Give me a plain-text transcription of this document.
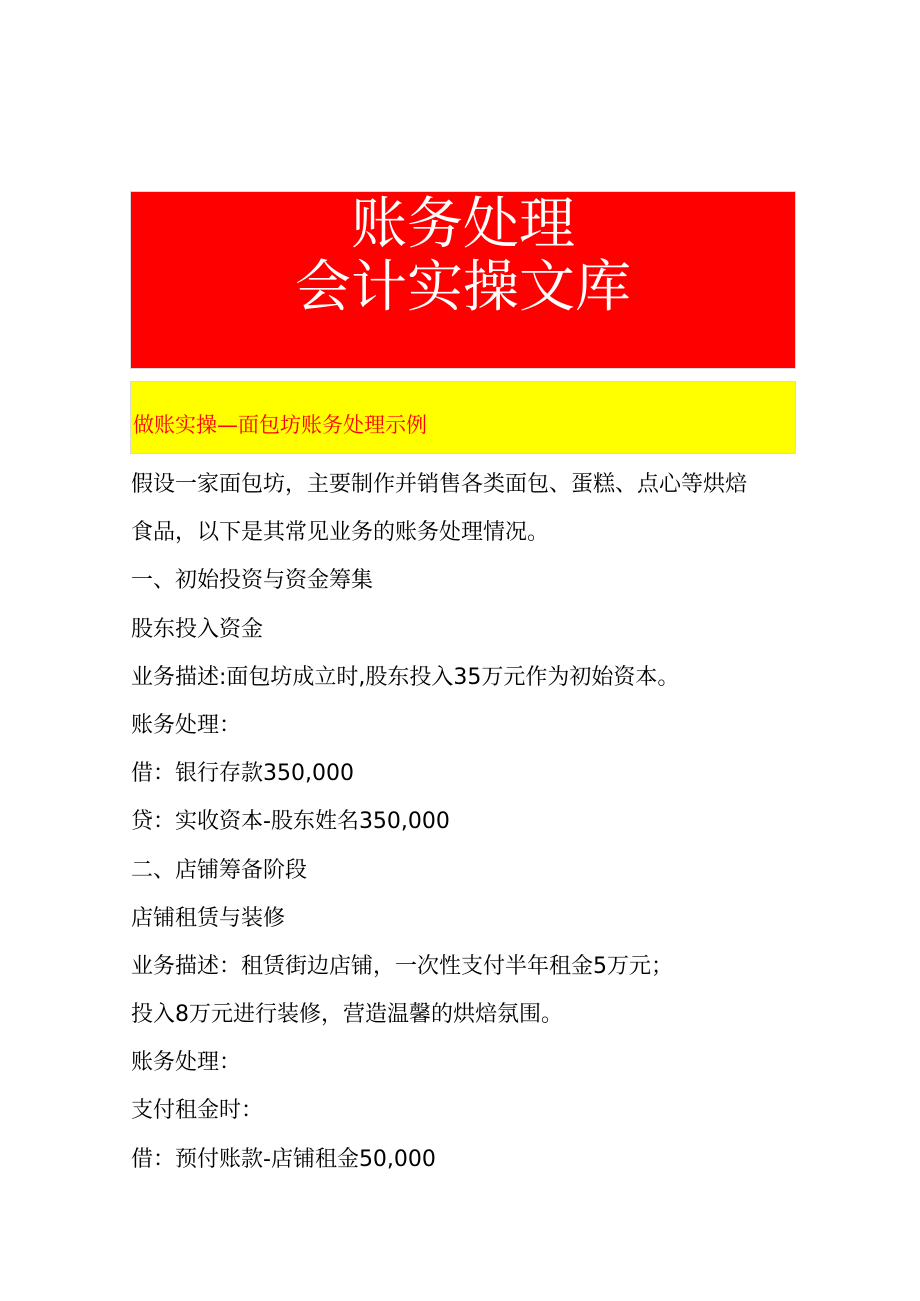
账务处理
会计实操文库
做账实操—面包坊账务处理示例
假设一家面包坊，主要制作并销售各类面包、蛋糕、点心等烘焙
食品，以下是其常见业务的账务处理情况。
一、初始投资与资金筹集
股东投入资金
业务描述:面包坊成立时,股东投入35万元作为初始资本。
账务处理：
借：银行存款350,000
贷：实收资本-股东姓名350,000
二、店铺筹备阶段
店铺租赁与装修
业务描述：租赁街边店铺，一次性支付半年租金5万元；
投入8万元进行装修，营造温馨的烘焙氛围。
账务处理：
支付租金时：
借：预付账款-店铺租金50,000
